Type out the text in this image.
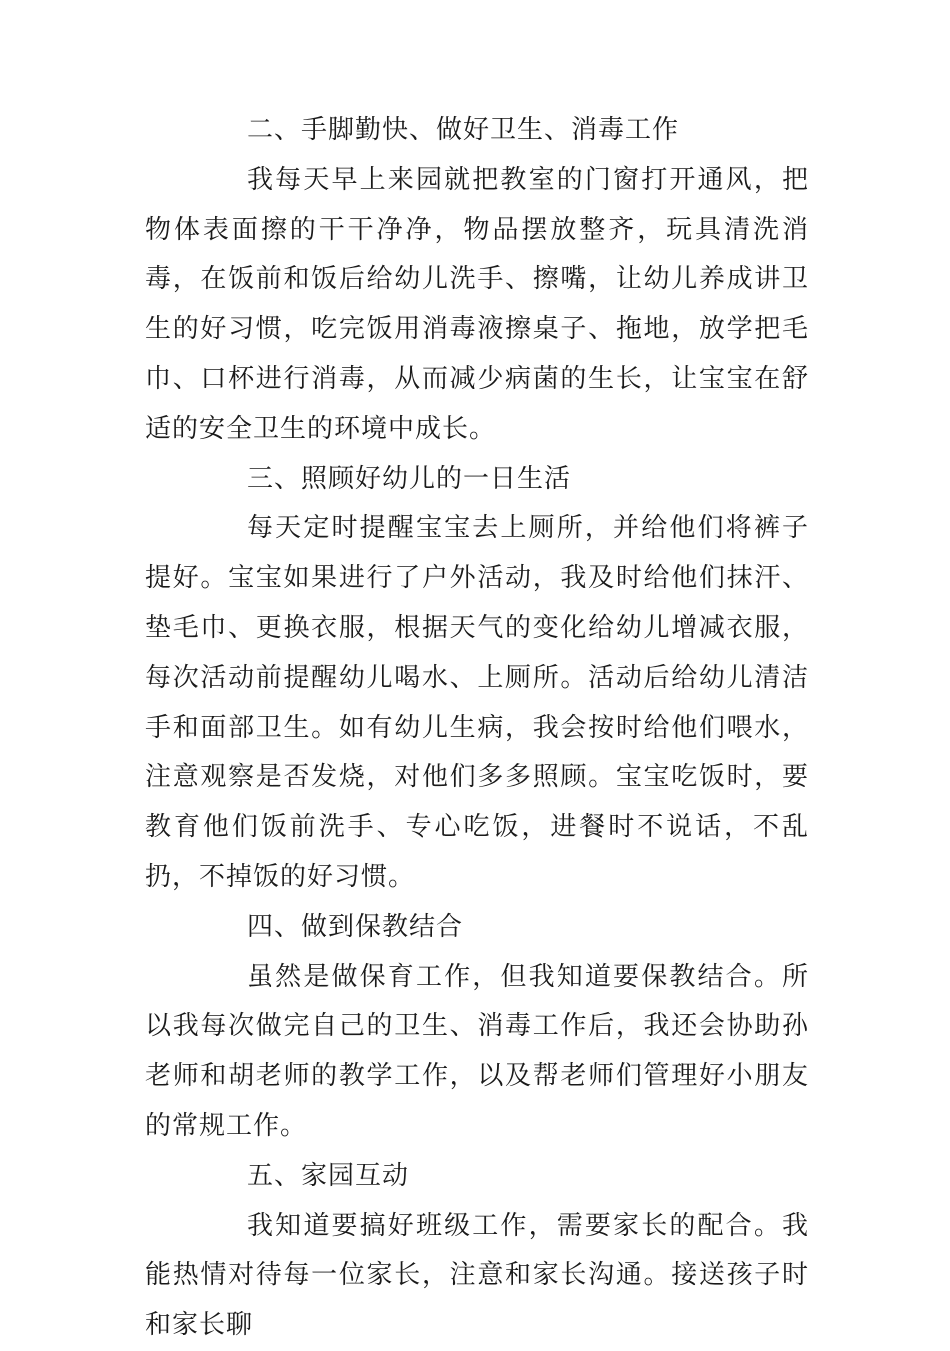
二、手脚勤快、做好卫生、消毒工作

我每天早上来园就把教室的门窗打开通风，把物体表面擦的干干净净，物品摆放整齐，玩具清洗消毒，在饭前和饭后给幼儿洗手、擦嘴，让幼儿养成讲卫生的好习惯，吃完饭用消毒液擦桌子、拖地，放学把毛巾、口杯进行消毒，从而减少病菌的生长，让宝宝在舒适的安全卫生的环境中成长。

三、照顾好幼儿的一日生活

每天定时提醒宝宝去上厕所，并给他们将裤子提好。宝宝如果进行了户外活动，我及时给他们抹汗、垫毛巾、更换衣服，根据天气的变化给幼儿增减衣服，每次活动前提醒幼儿喝水、上厕所。活动后给幼儿清洁手和面部卫生。如有幼儿生病，我会按时给他们喂水，注意观察是否发烧，对他们多多照顾。宝宝吃饭时，要教育他们饭前洗手、专心吃饭，进餐时不说话，不乱扔，不掉饭的好习惯。

四、做到保教结合

虽然是做保育工作，但我知道要保教结合。所以我每次做完自己的卫生、消毒工作后，我还会协助孙老师和胡老师的教学工作，以及帮老师们管理好小朋友的常规工作。

五、家园互动

我知道要搞好班级工作，需要家长的配合。我能热情对待每一位家长，注意和家长沟通。接送孩子时和家长聊
